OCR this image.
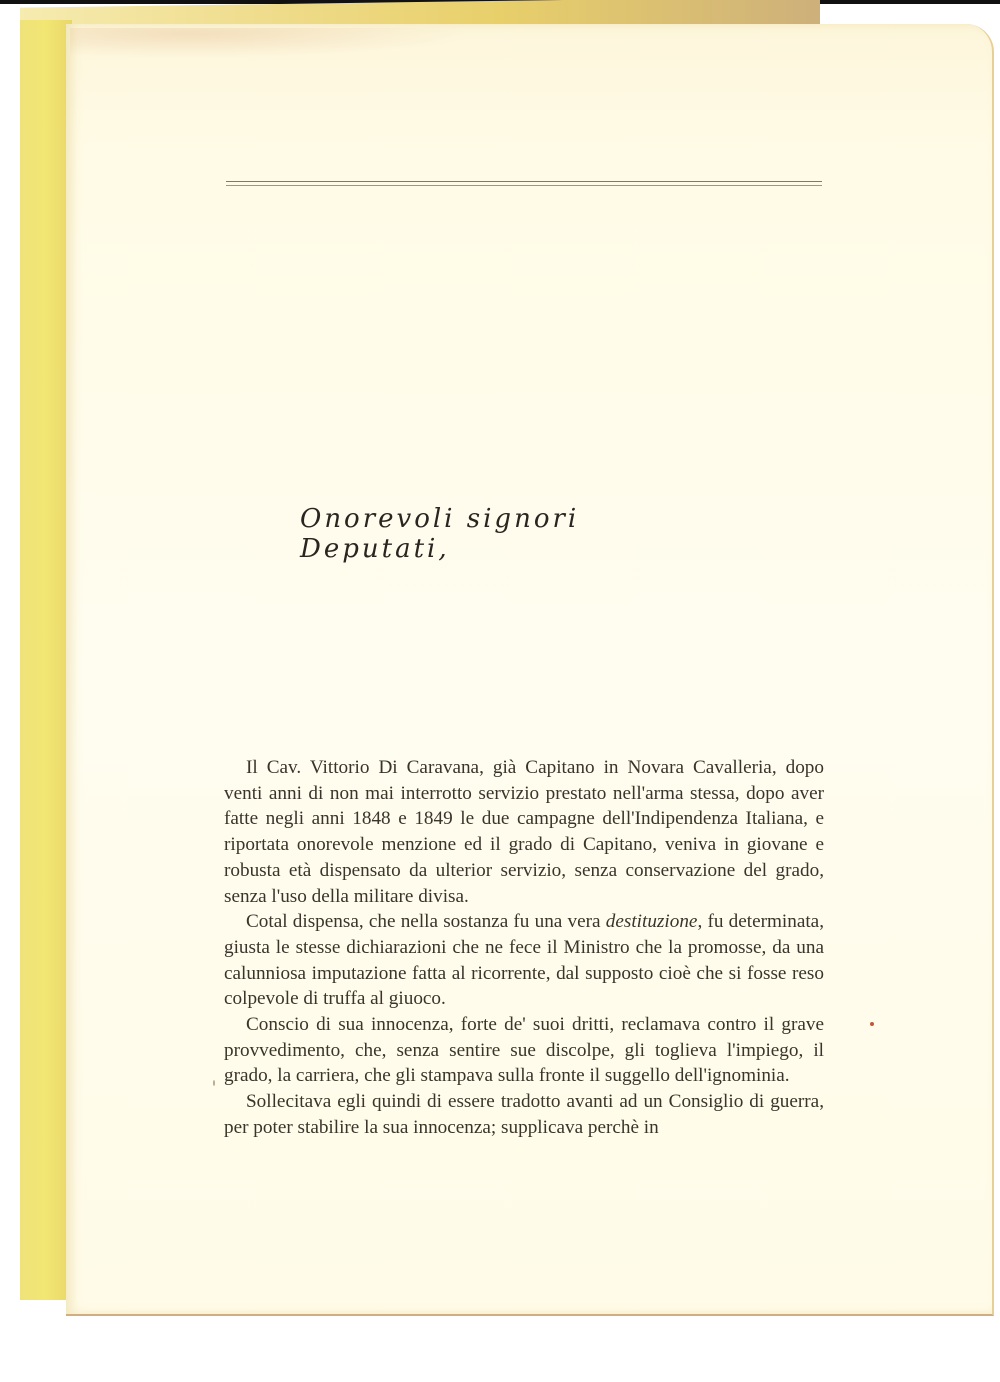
Onorevoli signori Deputati,

Il Cav. Vittorio Di Caravana, già Capitano in Novara Cavalleria, dopo venti anni di non mai interrotto servizio prestato nell'arma stessa, dopo aver fatte negli anni 1848 e 1849 le due campagne dell'Indipendenza Italiana, e riportata onorevole menzione ed il grado di Capitano, veniva in giovane e robusta età dispensato da ulterior servizio, senza conservazione del grado, senza l'uso della militare divisa.

Cotal dispensa, che nella sostanza fu una vera destituzione, fu determinata, giusta le stesse dichiarazioni che ne fece il Ministro che la promosse, da una calunniosa imputazione fatta al ricorrente, dal supposto cioè che si fosse reso colpevole di truffa al giuoco.

Conscio di sua innocenza, forte de' suoi dritti, reclamava contro il grave provvedimento, che, senza sentire sue discolpe, gli toglieva l'impiego, il grado, la carriera, che gli stampava sulla fronte il suggello dell'ignominia.

Sollecitava egli quindi di essere tradotto avanti ad un Consiglio di guerra, per poter stabilire la sua innocenza; supplicava perchè in
